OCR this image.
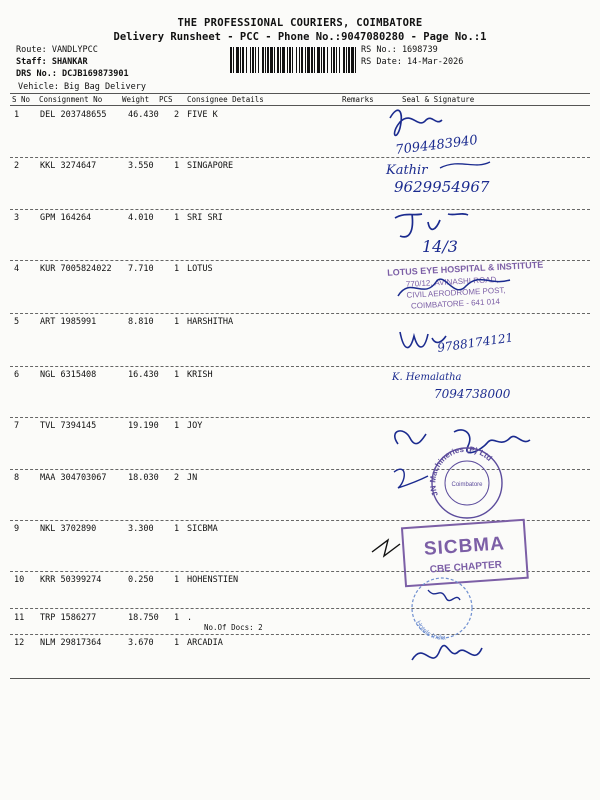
THE PROFESSIONAL COURIERS, COIMBATORE
Delivery Runsheet - PCC - Phone No.:9047080280 - Page No.:1
Route: VANDLYPCC
Staff: SHANKAR
DRS No.: DCJB169873901
Vehicle: Big Bag Delivery
RS No.: 1698739
RS Date: 14-Mar-2026
S No Consignment No	Weight PCS Consignee Details	Remarks	Seal & Signature
1 DEL 203748655	46.430 2 FIVE K
2 KKL 3274647	3.550 1 SINGAPORE
3 GPM 164264	4.010 1 SRI SRI
4 KUR 7005824022 7.710 1 LOTUS
5 ART 1985991	8.810 1 HARSHITHA
6 NGL 6315408	16.430 1 KRISH
7 TVL 7394145	19.190 1 JOY
8 MAA 304703067	18.030 2 JN
9 NKL 3702890	3.300 1 SICBMA
10 KRR 50399274	0.250 1 HOHENSTIEN
11 TRP 1586277	18.750 1 .
12 NLM 29817364	3.670 1 ARCADIA
No.Of Docs: 2
7094483940
Kathir
9629954967
14/3
LOTUS EYE HOSPITAL & INSTITUTE
770/12, AVINASHI ROAD,
CIVIL AERODROME POST,
COIMBATORE - 641 014
9788174121
K. Hemalatha
7094738000
JN Machineries (P) Ltd
Coimbatore
SICBMA
CBE CHAPTER
Hotels India
